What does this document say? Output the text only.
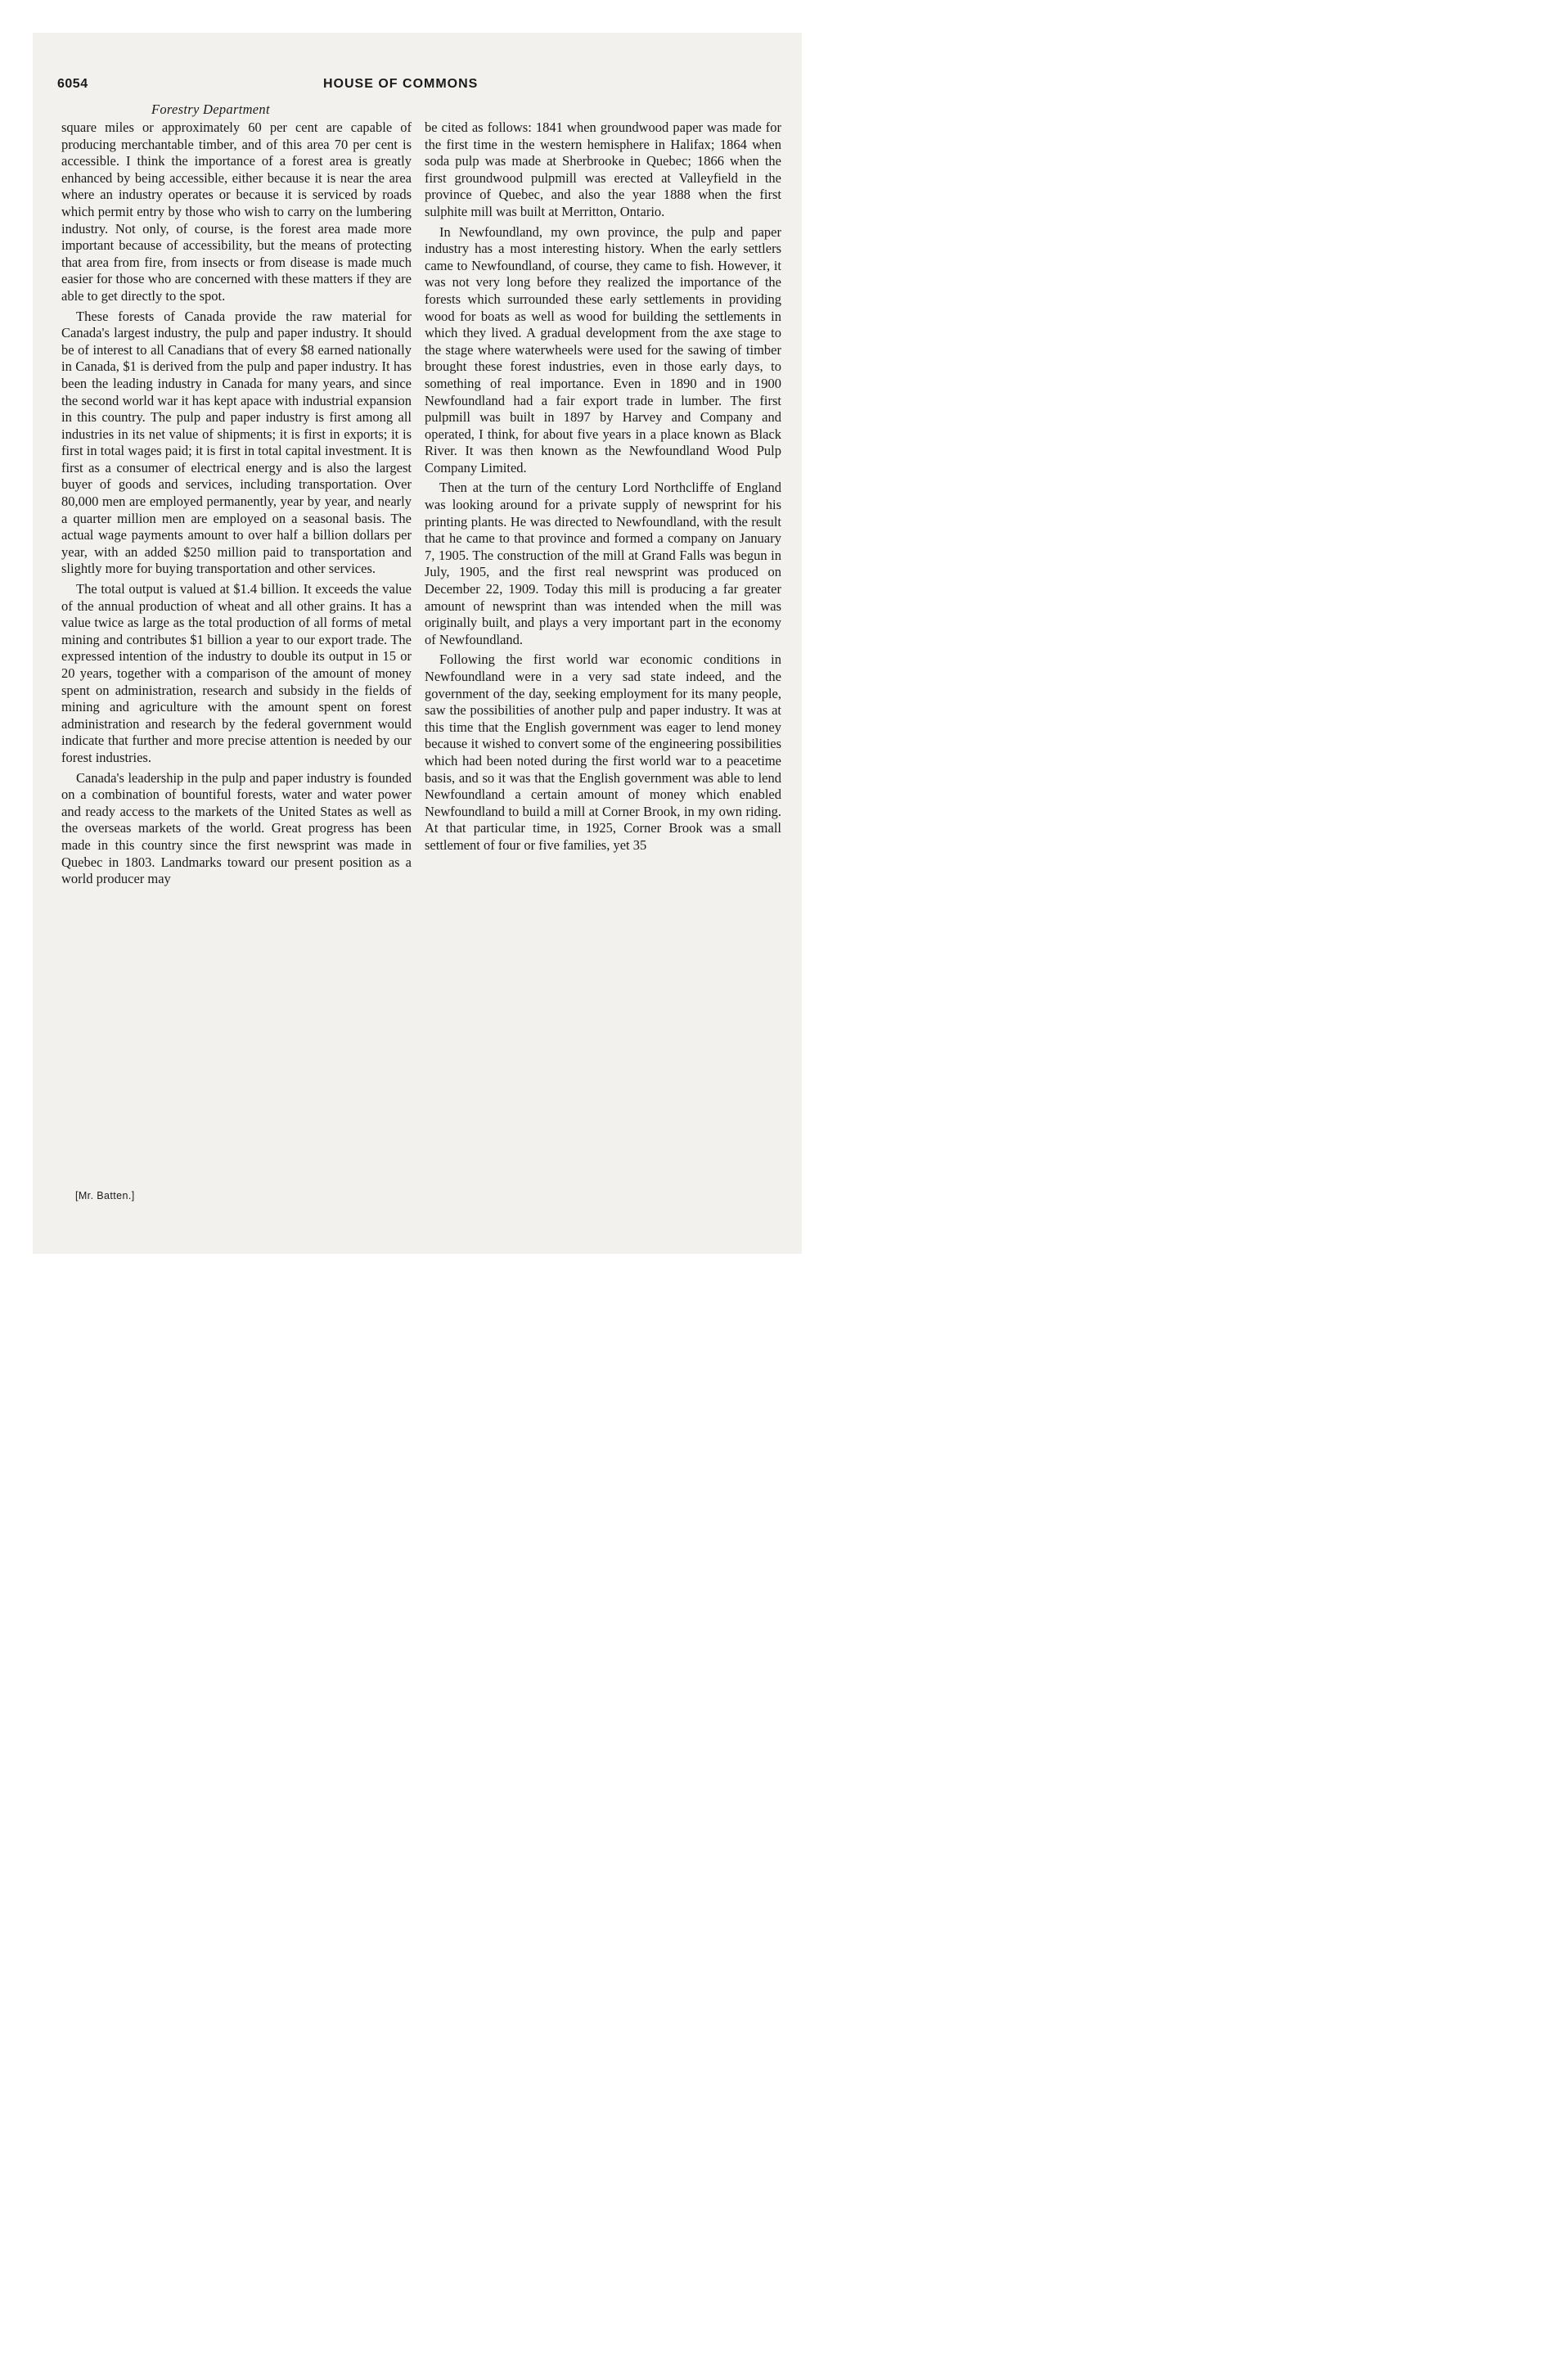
6054	HOUSE OF COMMONS
Forestry Department

square miles or approximately 60 per cent are capable of producing merchantable timber, and of this area 70 per cent is accessible. I think the importance of a forest area is greatly enhanced by being accessible, either because it is near the area where an industry operates or because it is serviced by roads which permit entry by those who wish to carry on the lumbering industry. Not only, of course, is the forest area made more important because of accessibility, but the means of protecting that area from fire, from insects or from disease is made much easier for those who are concerned with these matters if they are able to get directly to the spot.

These forests of Canada provide the raw material for Canada's largest industry, the pulp and paper industry. It should be of interest to all Canadians that of every $8 earned nationally in Canada, $1 is derived from the pulp and paper industry. It has been the leading industry in Canada for many years, and since the second world war it has kept apace with industrial expansion in this country. The pulp and paper industry is first among all industries in its net value of shipments; it is first in exports; it is first in total wages paid; it is first in total capital investment. It is first as a consumer of electrical energy and is also the largest buyer of goods and services, including transportation. Over 80,000 men are employed permanently, year by year, and nearly a quarter million men are employed on a seasonal basis. The actual wage payments amount to over half a billion dollars per year, with an added $250 million paid to transportation and slightly more for buying transportation and other services.

The total output is valued at $1.4 billion. It exceeds the value of the annual production of wheat and all other grains. It has a value twice as large as the total production of all forms of metal mining and contributes $1 billion a year to our export trade. The expressed intention of the industry to double its output in 15 or 20 years, together with a comparison of the amount of money spent on administration, research and subsidy in the fields of mining and agriculture with the amount spent on forest administration and research by the federal government would indicate that further and more precise attention is needed by our forest industries.

Canada's leadership in the pulp and paper industry is founded on a combination of bountiful forests, water and water power and ready access to the markets of the United States as well as the overseas markets of the world. Great progress has been made in this country since the first newsprint was made in Quebec in 1803. Landmarks toward our present position as a world producer may

be cited as follows: 1841 when groundwood paper was made for the first time in the western hemisphere in Halifax; 1864 when soda pulp was made at Sherbrooke in Quebec; 1866 when the first groundwood pulpmill was erected at Valleyfield in the province of Quebec, and also the year 1888 when the first sulphite mill was built at Merritton, Ontario.

In Newfoundland, my own province, the pulp and paper industry has a most interesting history. When the early settlers came to Newfoundland, of course, they came to fish. However, it was not very long before they realized the importance of the forests which surrounded these early settlements in providing wood for boats as well as wood for building the settlements in which they lived. A gradual development from the axe stage to the stage where waterwheels were used for the sawing of timber brought these forest industries, even in those early days, to something of real importance. Even in 1890 and in 1900 Newfoundland had a fair export trade in lumber. The first pulpmill was built in 1897 by Harvey and Company and operated, I think, for about five years in a place known as Black River. It was then known as the Newfoundland Wood Pulp Company Limited.

Then at the turn of the century Lord Northcliffe of England was looking around for a private supply of newsprint for his printing plants. He was directed to Newfoundland, with the result that he came to that province and formed a company on January 7, 1905. The construction of the mill at Grand Falls was begun in July, 1905, and the first real newsprint was produced on December 22, 1909. Today this mill is producing a far greater amount of newsprint than was intended when the mill was originally built, and plays a very important part in the economy of Newfoundland.

Following the first world war economic conditions in Newfoundland were in a very sad state indeed, and the government of the day, seeking employment for its many people, saw the possibilities of another pulp and paper industry. It was at this time that the English government was eager to lend money because it wished to convert some of the engineering possibilities which had been noted during the first world war to a peacetime basis, and so it was that the English government was able to lend Newfoundland a certain amount of money which enabled Newfoundland to build a mill at Corner Brook, in my own riding. At that particular time, in 1925, Corner Brook was a small settlement of four or five families, yet 35

[Mr. Batten.]
